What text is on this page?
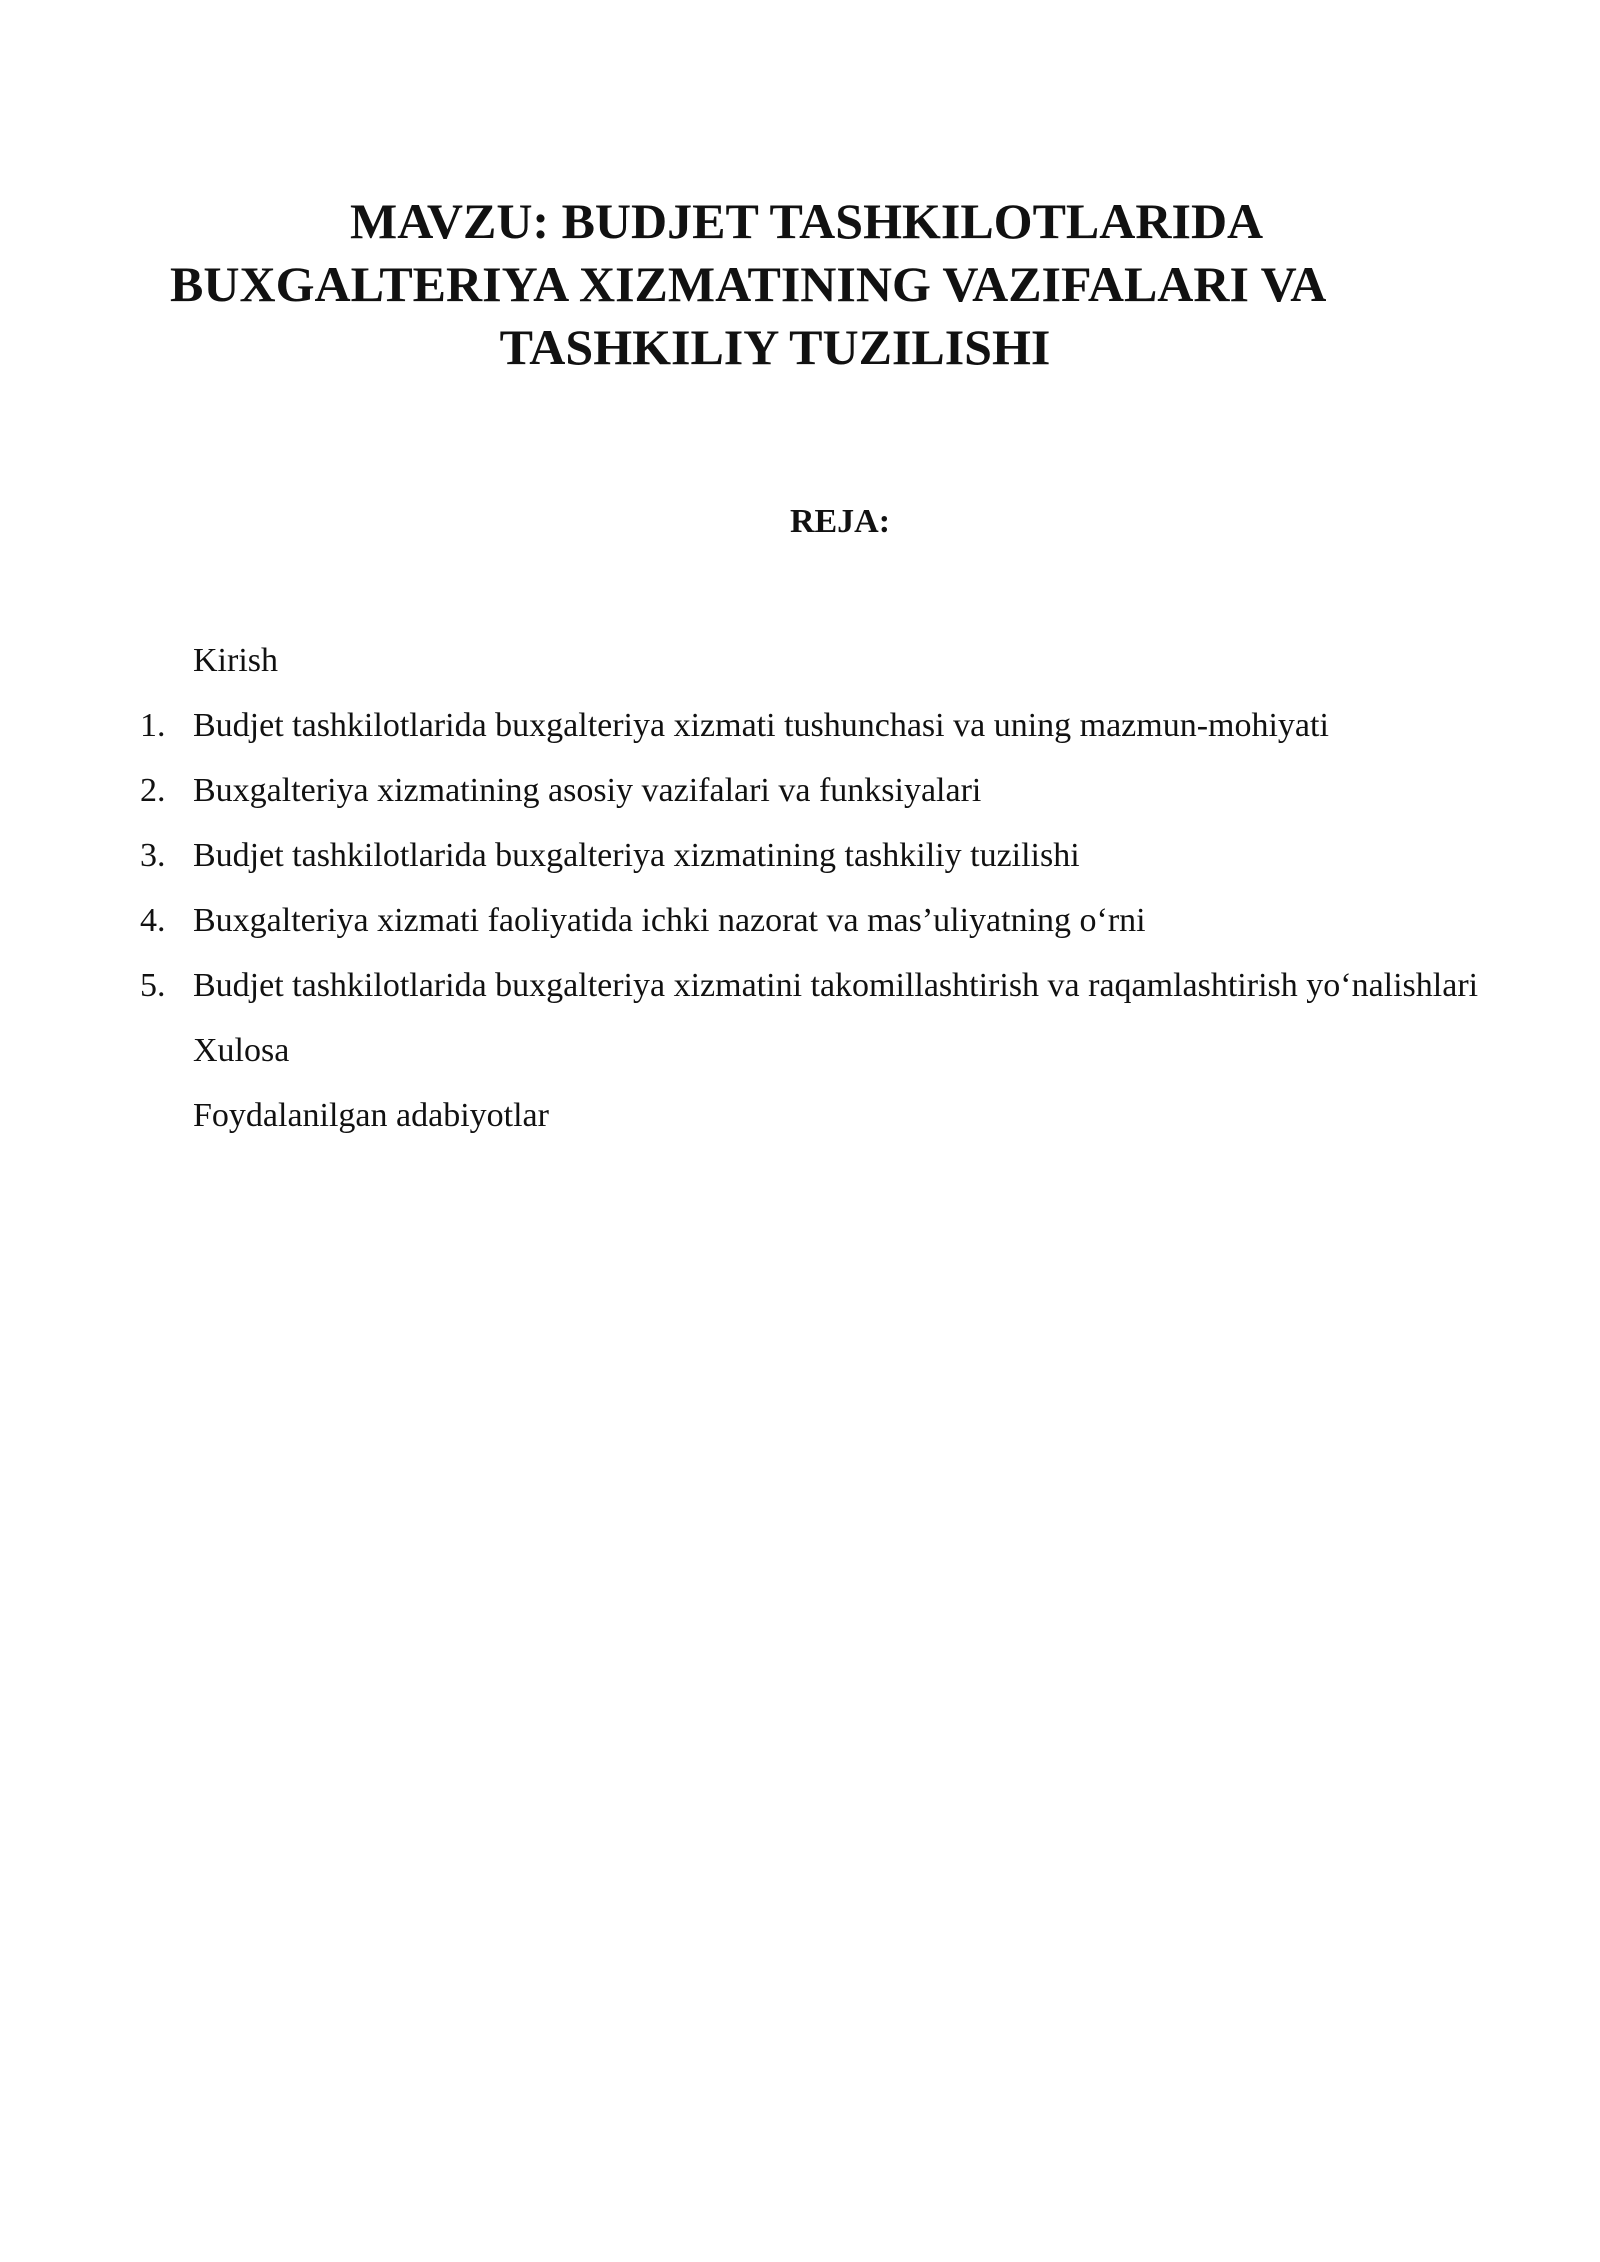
MAVZU: BUDJET TASHKILOTLARIDA
BUXGALTERIYA XIZMATINING VAZIFALARI VA
TASHKILIY TUZILISHI
REJA:
Kirish
1. Budjet tashkilotlarida buxgalteriya xizmati tushunchasi va uning mazmun-mohiyati
2. Buxgalteriya xizmatining asosiy vazifalari va funksiyalari
3. Budjet tashkilotlarida buxgalteriya xizmatining tashkiliy tuzilishi
4. Buxgalteriya xizmati faoliyatida ichki nazorat va mas’uliyatning o‘rni
5. Budjet tashkilotlarida buxgalteriya xizmatini takomillashtirish va raqamlashtirish yo‘nalishlari
Xulosa
Foydalanilgan adabiyotlar
